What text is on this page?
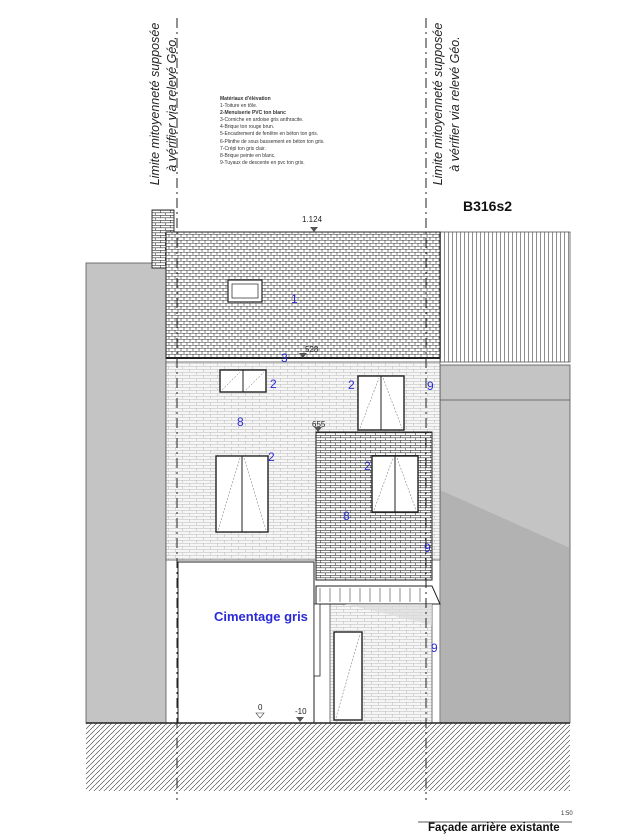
Limite mitoyenneté supposée à vérifier via relevé Géo.	Limite mitoyenneté supposée à vérifier via relevé Géo.
Matériaux d'élévation
1-Toiture en tôle.
2-Menuiserie PVC ton blanc
3-Corniche en ardoise gris anthracite.
4-Brique ton rouge brun.
5-Encadrement de fenêtre en béton ton gris.
6-Plinthe de sous bassement en béton ton gris.
7-Crépi ton gris clair.
8-Brique peinte en blanc.
9-Tuyaux de descente en pvc ton gris.
B316s2
1.124
528
655
0	-10
1
3
2	2	9
8
2
2
8
9
9
Cimentage gris
1:50
Façade arrière existante
